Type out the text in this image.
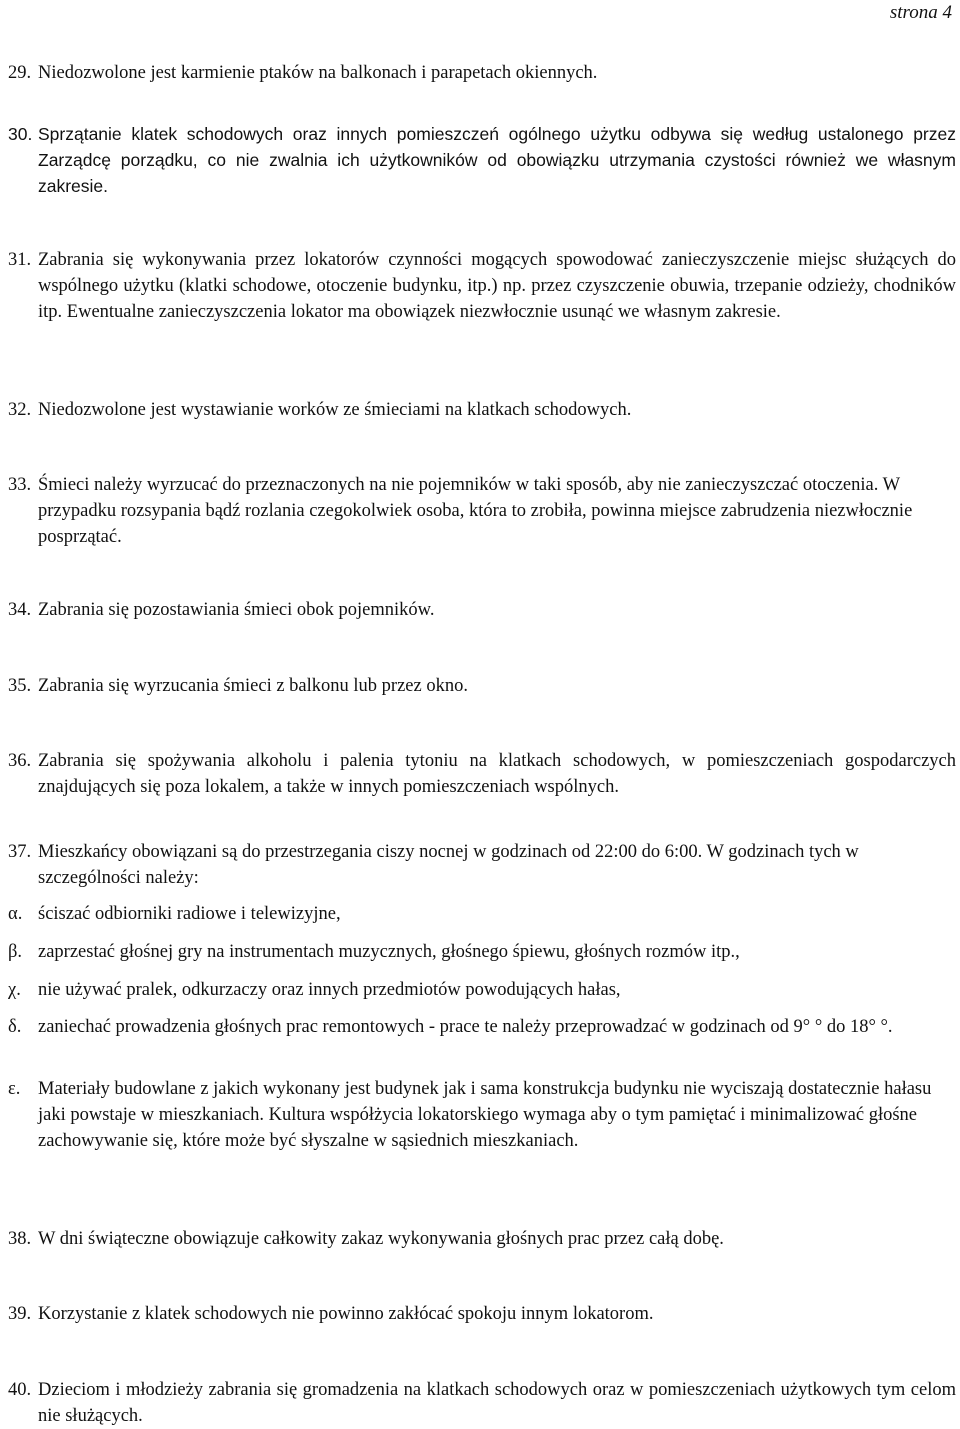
strona 4
29. Niedozwolone jest karmienie ptaków na balkonach i parapetach okiennych.
30. Sprzątanie klatek schodowych oraz innych pomieszczeń ogólnego użytku odbywa się według ustalonego przez Zarządcę porządku, co nie zwalnia ich użytkowników od obowiązku utrzymania czystości również we własnym zakresie.
31. Zabrania się wykonywania przez lokatorów czynności mogących spowodować zanieczyszczenie miejsc służących do wspólnego użytku (klatki schodowe, otoczenie budynku, itp.) np. przez czyszczenie obuwia, trzepanie odzieży, chodników itp. Ewentualne zanieczyszczenia lokator ma obowiązek niezwłocznie usunąć we własnym zakresie.
32. Niedozwolone jest wystawianie worków ze śmieciami na klatkach schodowych.
33. Śmieci należy wyrzucać do przeznaczonych na nie pojemników w taki sposób, aby nie zanieczyszczać otoczenia. W przypadku rozsypania bądź rozlania czegokolwiek osoba, która to zrobiła, powinna miejsce zabrudzenia niezwłocznie posprzątać.
34. Zabrania się pozostawiania śmieci obok pojemników.
35. Zabrania się wyrzucania śmieci z balkonu lub przez okno.
36. Zabrania się spożywania alkoholu i palenia tytoniu na klatkach schodowych, w pomieszczeniach gospodarczych znajdujących się poza lokalem, a także w innych pomieszczeniach wspólnych.
37. Mieszkańcy obowiązani są do przestrzegania ciszy nocnej w godzinach od 22:00 do 6:00. W godzinach tych w szczególności należy:
α. ściszać odbiorniki radiowe i telewizyjne,
β. zaprzestać głośnej gry na instrumentach muzycznych, głośnego śpiewu, głośnych rozmów itp.,
χ. nie używać pralek, odkurzaczy oraz innych przedmiotów powodujących hałas,
δ. zaniechać prowadzenia głośnych prac remontowych - prace te należy przeprowadzać w godzinach od 9° ° do 18° °.
ε. Materiały budowlane z jakich wykonany jest budynek jak i sama konstrukcja budynku nie wyciszają dostatecznie hałasu jaki powstaje w mieszkaniach. Kultura współżycia lokatorskiego wymaga aby o tym pamiętać i minimalizować głośne zachowywanie się, które może być słyszalne w sąsiednich mieszkaniach.
38. W dni świąteczne obowiązuje całkowity zakaz wykonywania głośnych prac przez całą dobę.
39. Korzystanie z klatek schodowych nie powinno zakłócać spokoju innym lokatorom.
40. Dzieciom i młodzieży zabrania się gromadzenia na klatkach schodowych oraz w pomieszczeniach użytkowych tym celom nie służących.
